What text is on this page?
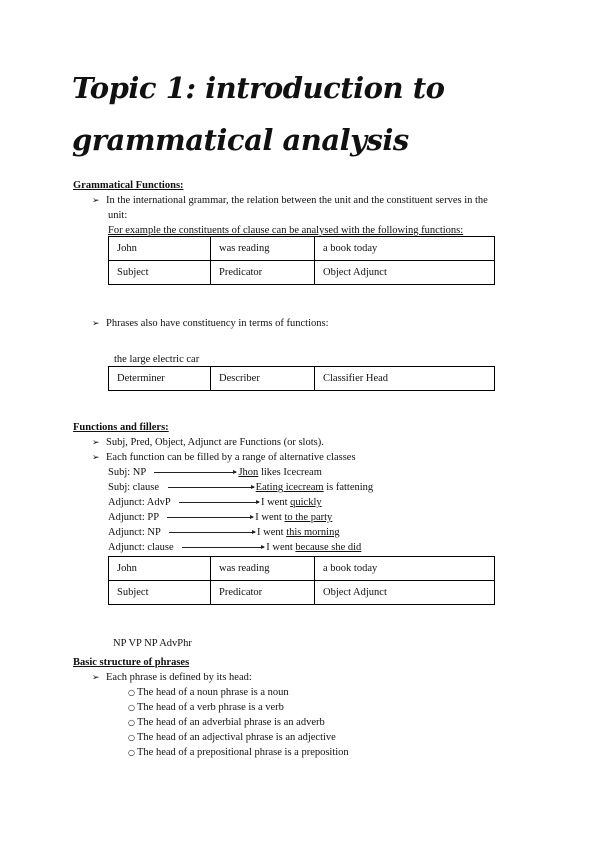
Topic 1: introduction to grammatical analysis
Grammatical Functions:
➢ In the international grammar, the relation between the unit and the constituent serves in the
unit:
For example the constituents of clause can be analysed with the following functions:
John	was reading	a book today
Subject	Predicator	Object Adjunct
➢ Phrases also have constituency in terms of functions:
the large electric car
Determiner	Describer	Classifier Head
Functions and fillers:
➢ Subj, Pred, Object, Adjunct are Functions (or slots).
➢ Each function can be filled by a range of alternative classes
Subj: NP	Jhon likes Icecream
Subj: clause	Eating icecream is fattening
Adjunct: AdvP	I went quickly
Adjunct: PP	I went to the party
Adjunct: NP	I went this morning
Adjunct: clause	I went because she did
John	was reading	a book today
Subject	Predicator	Object Adjunct
NP VP NP AdvPhr
Basic structure of phrases
➢ Each phrase is defined by its head:
○ The head of a noun phrase is a noun
○ The head of a verb phrase is a verb
○ The head of an adverbial phrase is an adverb
○ The head of an adjectival phrase is an adjective
○ The head of a prepositional phrase is a preposition
